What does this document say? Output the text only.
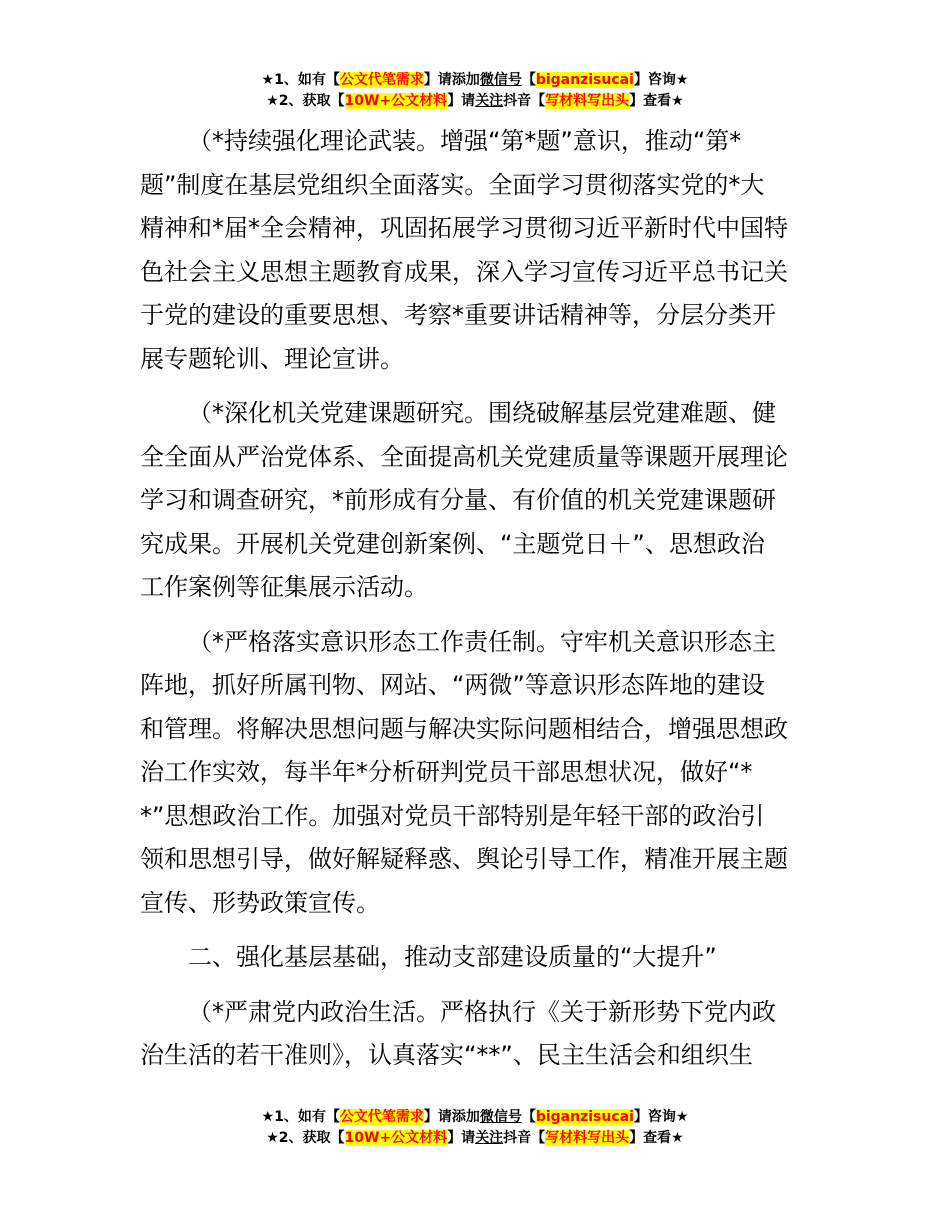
★1、如有【公文代笔需求】请添加微信号【biganzisucai】咨询★
★2、获取【10W+公文材料】请关注抖音【写材料写出头】查看★
（*持续强化理论武装。增强“第*题”意识，推动“第*
题”制度在基层党组织全面落实。全面学习贯彻落实党的*大
精神和*届*全会精神，巩固拓展学习贯彻习近平新时代中国特
色社会主义思想主题教育成果，深入学习宣传习近平总书记关
于党的建设的重要思想、考察*重要讲话精神等，分层分类开
展专题轮训、理论宣讲。
（*深化机关党建课题研究。围绕破解基层党建难题、健
全全面从严治党体系、全面提高机关党建质量等课题开展理论
学习和调查研究，*前形成有分量、有价值的机关党建课题研
究成果。开展机关党建创新案例、“主题党日＋”、思想政治
工作案例等征集展示活动。
（*严格落实意识形态工作责任制。守牢机关意识形态主
阵地，抓好所属刊物、网站、“两微”等意识形态阵地的建设
和管理。将解决思想问题与解决实际问题相结合，增强思想政
治工作实效，每半年*分析研判党员干部思想状况，做好“*
*”思想政治工作。加强对党员干部特别是年轻干部的政治引
领和思想引导，做好解疑释惑、舆论引导工作，精准开展主题
宣传、形势政策宣传。
二、强化基层基础，推动支部建设质量的“大提升”
（*严肃党内政治生活。严格执行《关于新形势下党内政
治生活的若干准则》，认真落实“**”、民主生活会和组织生
★1、如有【公文代笔需求】请添加微信号【biganzisucai】咨询★
★2、获取【10W+公文材料】请关注抖音【写材料写出头】查看★
